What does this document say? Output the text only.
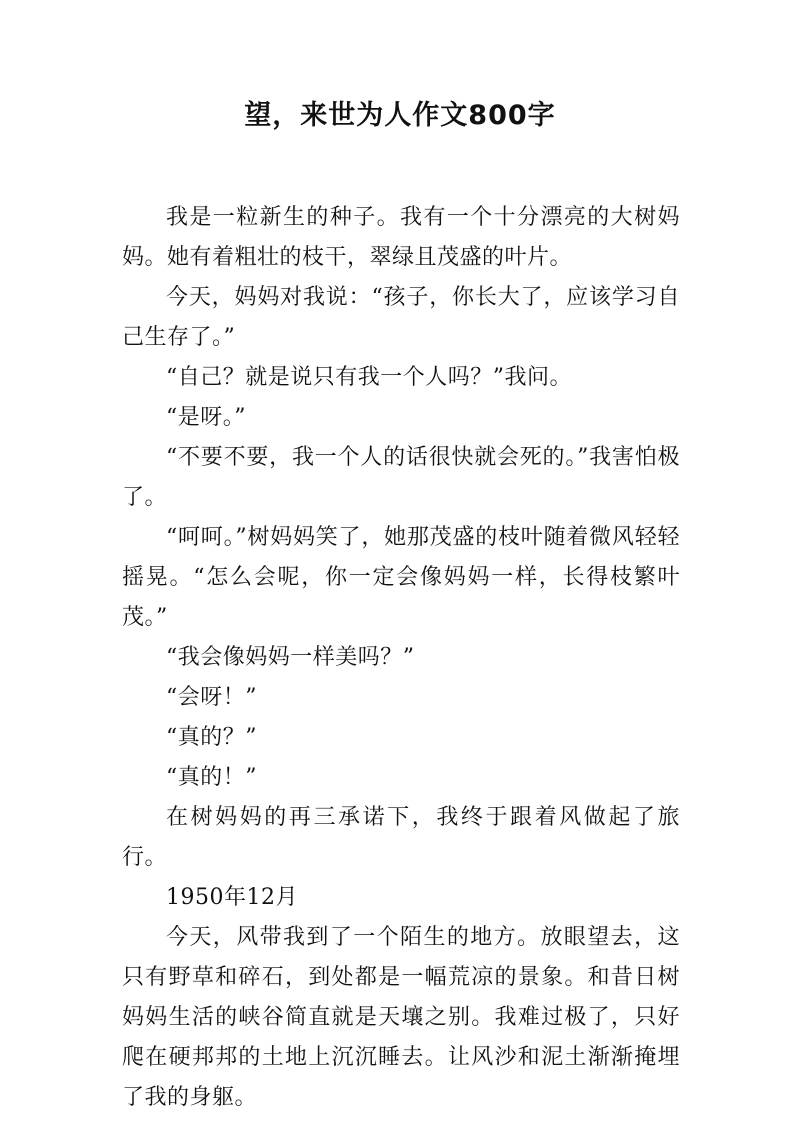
望，来世为人作文800字

我是一粒新生的种子。我有一个十分漂亮的大树妈妈。她有着粗壮的枝干，翠绿且茂盛的叶片。

今天，妈妈对我说：“孩子，你长大了，应该学习自己生存了。”

“自己？就是说只有我一个人吗？”我问。

“是呀。”

“不要不要，我一个人的话很快就会死的。”我害怕极了。

“呵呵。”树妈妈笑了，她那茂盛的枝叶随着微风轻轻摇晃。“怎么会呢，你一定会像妈妈一样，长得枝繁叶茂。”

“我会像妈妈一样美吗？”

“会呀！”

“真的？”

“真的！”

在树妈妈的再三承诺下，我终于跟着风做起了旅行。

1950年12月

今天，风带我到了一个陌生的地方。放眼望去，这只有野草和碎石，到处都是一幅荒凉的景象。和昔日树妈妈生活的峡谷简直就是天壤之别。我难过极了，只好爬在硬邦邦的土地上沉沉睡去。让风沙和泥土渐渐掩埋了我的身躯。
